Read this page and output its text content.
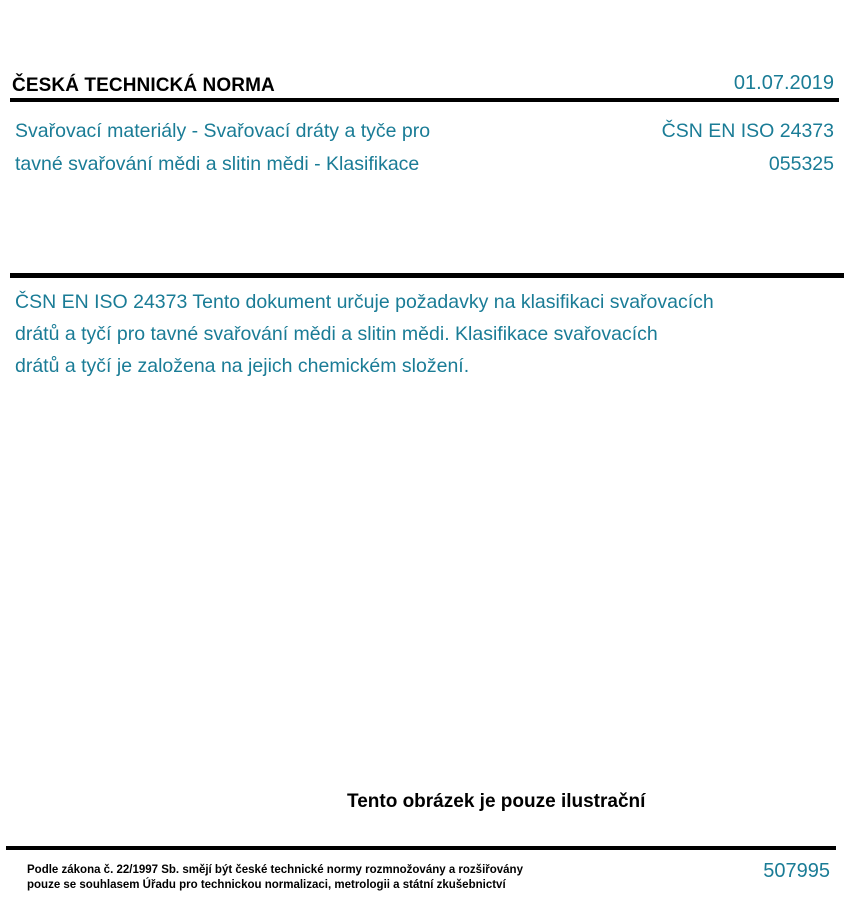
ČESKÁ TECHNICKÁ NORMA	01.07.2019
Svařovací materiály - Svařovací dráty a tyče pro
tavné svařování mědi a slitin mědi - Klasifikace
ČSN EN ISO 24373
055325
ČSN EN ISO 24373 Tento dokument určuje požadavky na klasifikaci svařovacích
drátů a tyčí pro tavné svařování mědi a slitin mědi. Klasifikace svařovacích
drátů a tyčí je založena na jejich chemickém složení.
Tento obrázek je pouze ilustrační
Podle zákona č. 22/1997 Sb. smějí být české technické normy rozmnožovány a rozšiřovány
pouze se souhlasem Úřadu pro technickou normalizaci, metrologii a státní zkušebnictví
507995
